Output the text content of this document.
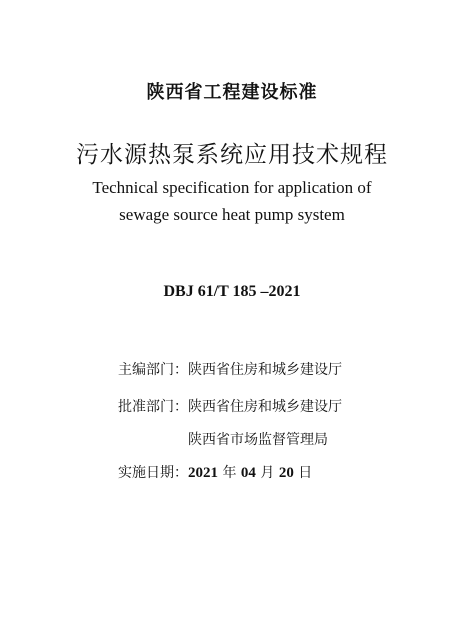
陕西省工程建设标准
污水源热泵系统应用技术规程
Technical specification for application of
sewage source heat pump system
DBJ 61/T 185 –2021
主编部门：陕西省住房和城乡建设厅
批准部门：陕西省住房和城乡建设厅
陕西省市场监督管理局
实施日期：2021 年 04 月 20 日
